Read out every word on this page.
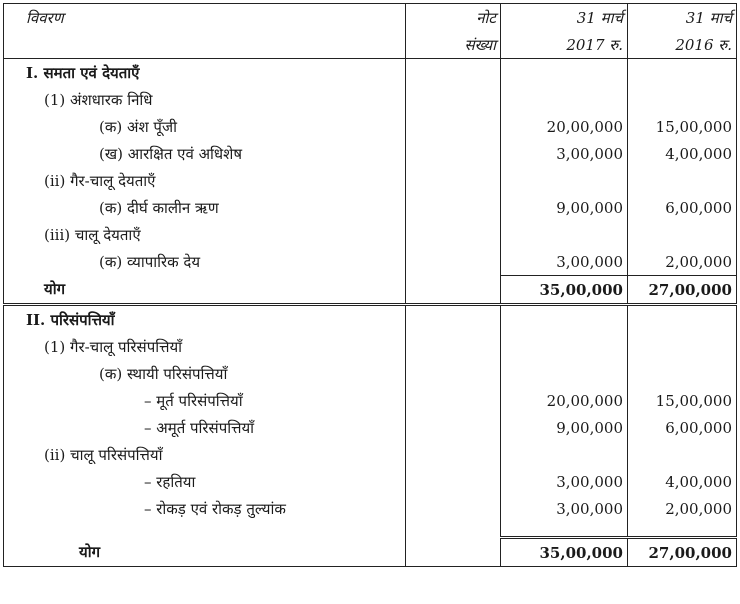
विवरण	नोट	31 मार्च	31 मार्च
	संख्या	2017 रु.	2016 रु.
I. समता एवं देयताएँ			
(1) अंशधारक निधि			
(क) अंश पूँजी		20,00,000	15,00,000
(ख) आरक्षित एवं अधिशेष		3,00,000	4,00,000
(ii) गैर-चालू देयताएँ			
(क) दीर्घ कालीन ऋण		9,00,000	6,00,000
(iii) चालू देयताएँ			
(क) व्यापारिक देय		3,00,000	2,00,000
योग		35,00,000	27,00,000
II. परिसंपत्तियाँ			
(1) गैर-चालू परिसंपत्तियाँ			
(क) स्थायी परिसंपत्तियाँ			
– मूर्त परिसंपत्तियाँ		20,00,000	15,00,000
– अमूर्त परिसंपत्तियाँ		9,00,000	6,00,000
(ii) चालू परिसंपत्तियाँ			
– रहतिया		3,00,000	4,00,000
– रोकड़ एवं रोकड़ तुल्यांक		3,00,000	2,00,000

योग		35,00,000	27,00,000
